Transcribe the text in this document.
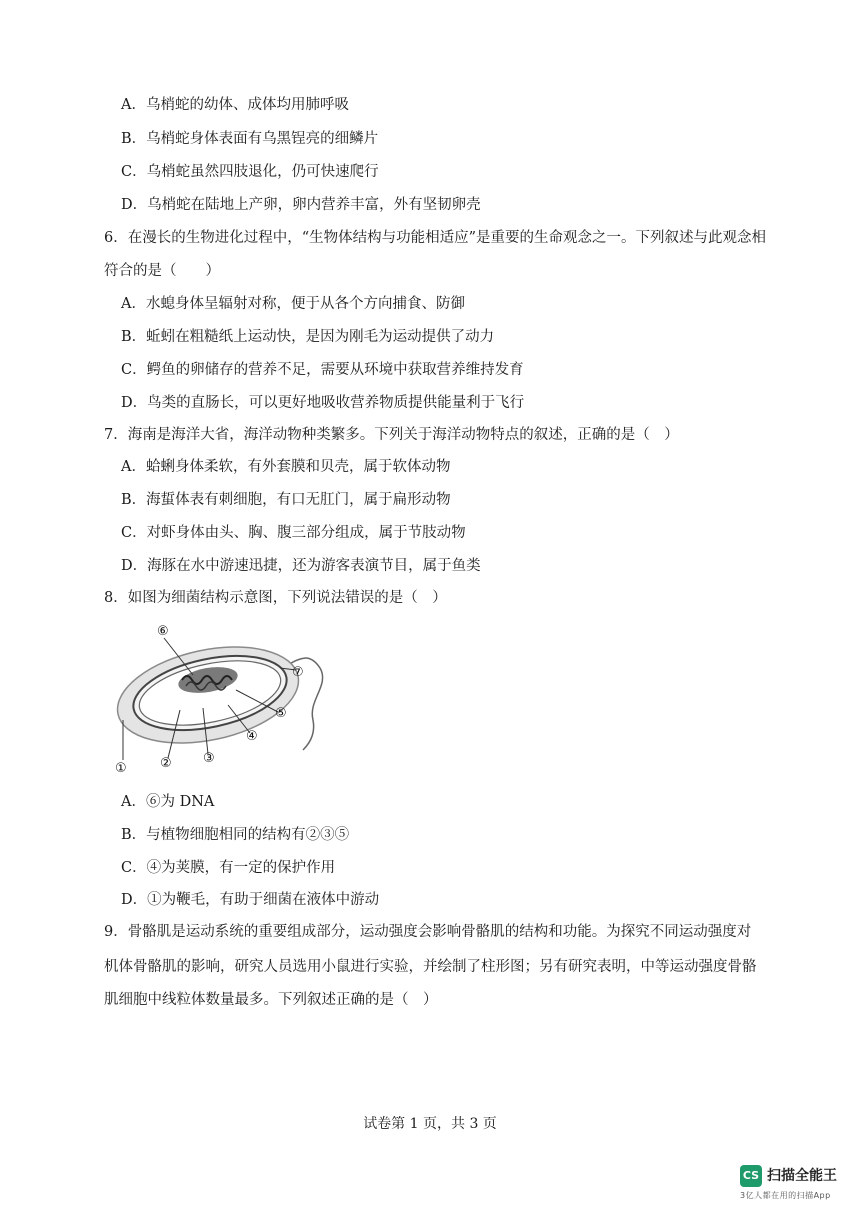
A．乌梢蛇的幼体、成体均用肺呼吸
B．乌梢蛇身体表面有乌黑锃亮的细鳞片
C．乌梢蛇虽然四肢退化，仍可快速爬行
D．乌梢蛇在陆地上产卵，卵内营养丰富，外有坚韧卵壳
6．在漫长的生物进化过程中，“生物体结构与功能相适应”是重要的生命观念之一。下列叙述与此观念相
符合的是（　　）
A．水螅身体呈辐射对称，便于从各个方向捕食、防御
B．蚯蚓在粗糙纸上运动快，是因为刚毛为运动提供了动力
C．鳄鱼的卵储存的营养不足，需要从环境中获取营养维持发育
D．鸟类的直肠长，可以更好地吸收营养物质提供能量利于飞行
7．海南是海洋大省，海洋动物种类繁多。下列关于海洋动物特点的叙述，正确的是（　）
A．蛤蜊身体柔软，有外套膜和贝壳，属于软体动物
B．海蜇体表有刺细胞，有口无肛门，属于扁形动物
C．对虾身体由头、胸、腹三部分组成，属于节肢动物
D．海豚在水中游速迅捷，还为游客表演节目，属于鱼类
8．如图为细菌结构示意图，下列说法错误的是（　）
⑥
⑦
⑤
④
③
②
①
A．⑥为 DNA
B．与植物细胞相同的结构有②③⑤
C．④为荚膜，有一定的保护作用
D．①为鞭毛，有助于细菌在液体中游动
9．骨骼肌是运动系统的重要组成部分，运动强度会影响骨骼肌的结构和功能。为探究不同运动强度对
机体骨骼肌的影响，研究人员选用小鼠进行实验，并绘制了柱形图；另有研究表明，中等运动强度骨骼
肌细胞中线粒体数量最多。下列叙述正确的是（　）
试卷第 1 页，共 3 页
CS 扫描全能王
3亿人都在用的扫描App
